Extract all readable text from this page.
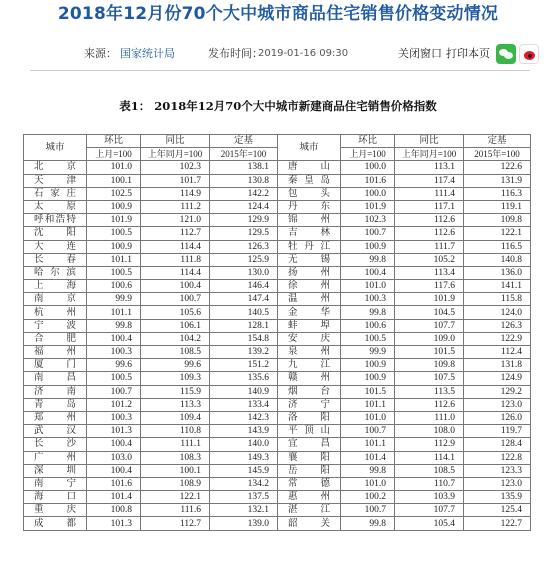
2018年12月份70个大中城市商品住宅销售价格变动情况
来源： 国家统计局	发布时间：
2019-01-16 09:30	关闭窗口 打印本页
表1： 2018年12月70个大中城市新建商品住宅销售价格指数
城市	环比	同比	定基	城市	环比	同比	定基
	上月=100	上年同月=100	2015年=100		上月=100	上年同月=100	2015年=100
北　京	101.0	102.3	138.1	唐　山	100.0	113.1	122.6
天　津	100.1	101.7	130.8	秦皇岛	101.6	117.4	131.9
石家庄	102.5	114.9	142.2	包　头	100.0	111.4	116.3
太　原	100.9	111.2	124.4	丹　东	101.9	117.1	119.1
呼和浩特	101.9	121.0	129.9	锦　州	102.3	112.6	109.8
沈　阳	100.5	112.7	129.5	吉　林	100.7	112.6	122.1
大　连	100.9	114.4	126.3	牡丹江	100.9	111.7	116.5
长　春	101.1	111.8	125.9	无　锡	99.8	105.2	140.8
哈尔滨	100.5	114.4	130.0	扬　州	100.4	113.4	136.0
上　海	100.6	100.4	146.4	徐　州	101.0	117.6	141.1
南　京	99.9	100.7	147.4	温　州	100.3	101.9	115.8
杭　州	101.1	105.6	140.5	金　华	99.8	104.5	124.0
宁　波	99.8	106.1	128.1	蚌　埠	100.6	107.7	126.3
合　肥	100.4	104.2	154.8	安　庆	100.5	109.0	122.9
福　州	100.3	108.5	139.2	泉　州	99.9	101.5	112.4
厦　门	99.6	99.6	151.2	九　江	100.9	109.8	131.8
南　昌	100.5	109.3	135.6	赣　州	100.9	107.5	124.9
济　南	100.7	115.9	140.9	烟　台	101.5	113.5	129.2
青　岛	101.2	113.3	133.4	济　宁	101.1	112.6	123.0
郑　州	100.3	109.4	142.3	洛　阳	101.0	111.0	126.0
武　汉	101.3	110.8	143.9	平顶山	100.7	108.0	119.7
长　沙	100.4	111.1	140.0	宜　昌	101.1	112.9	128.4
广　州	103.0	108.3	149.3	襄　阳	101.4	114.1	122.8
深　圳	100.4	100.1	145.9	岳　阳	99.8	108.5	123.3
南　宁	101.6	108.9	134.2	常　德	101.0	110.7	123.0
海　口	101.4	122.1	137.5	惠　州	100.2	103.9	135.9
重　庆	100.8	111.6	132.1	湛　江	100.7	107.7	125.4
成　都	101.3	112.7	139.0	韶　关	99.8	105.4	122.7
